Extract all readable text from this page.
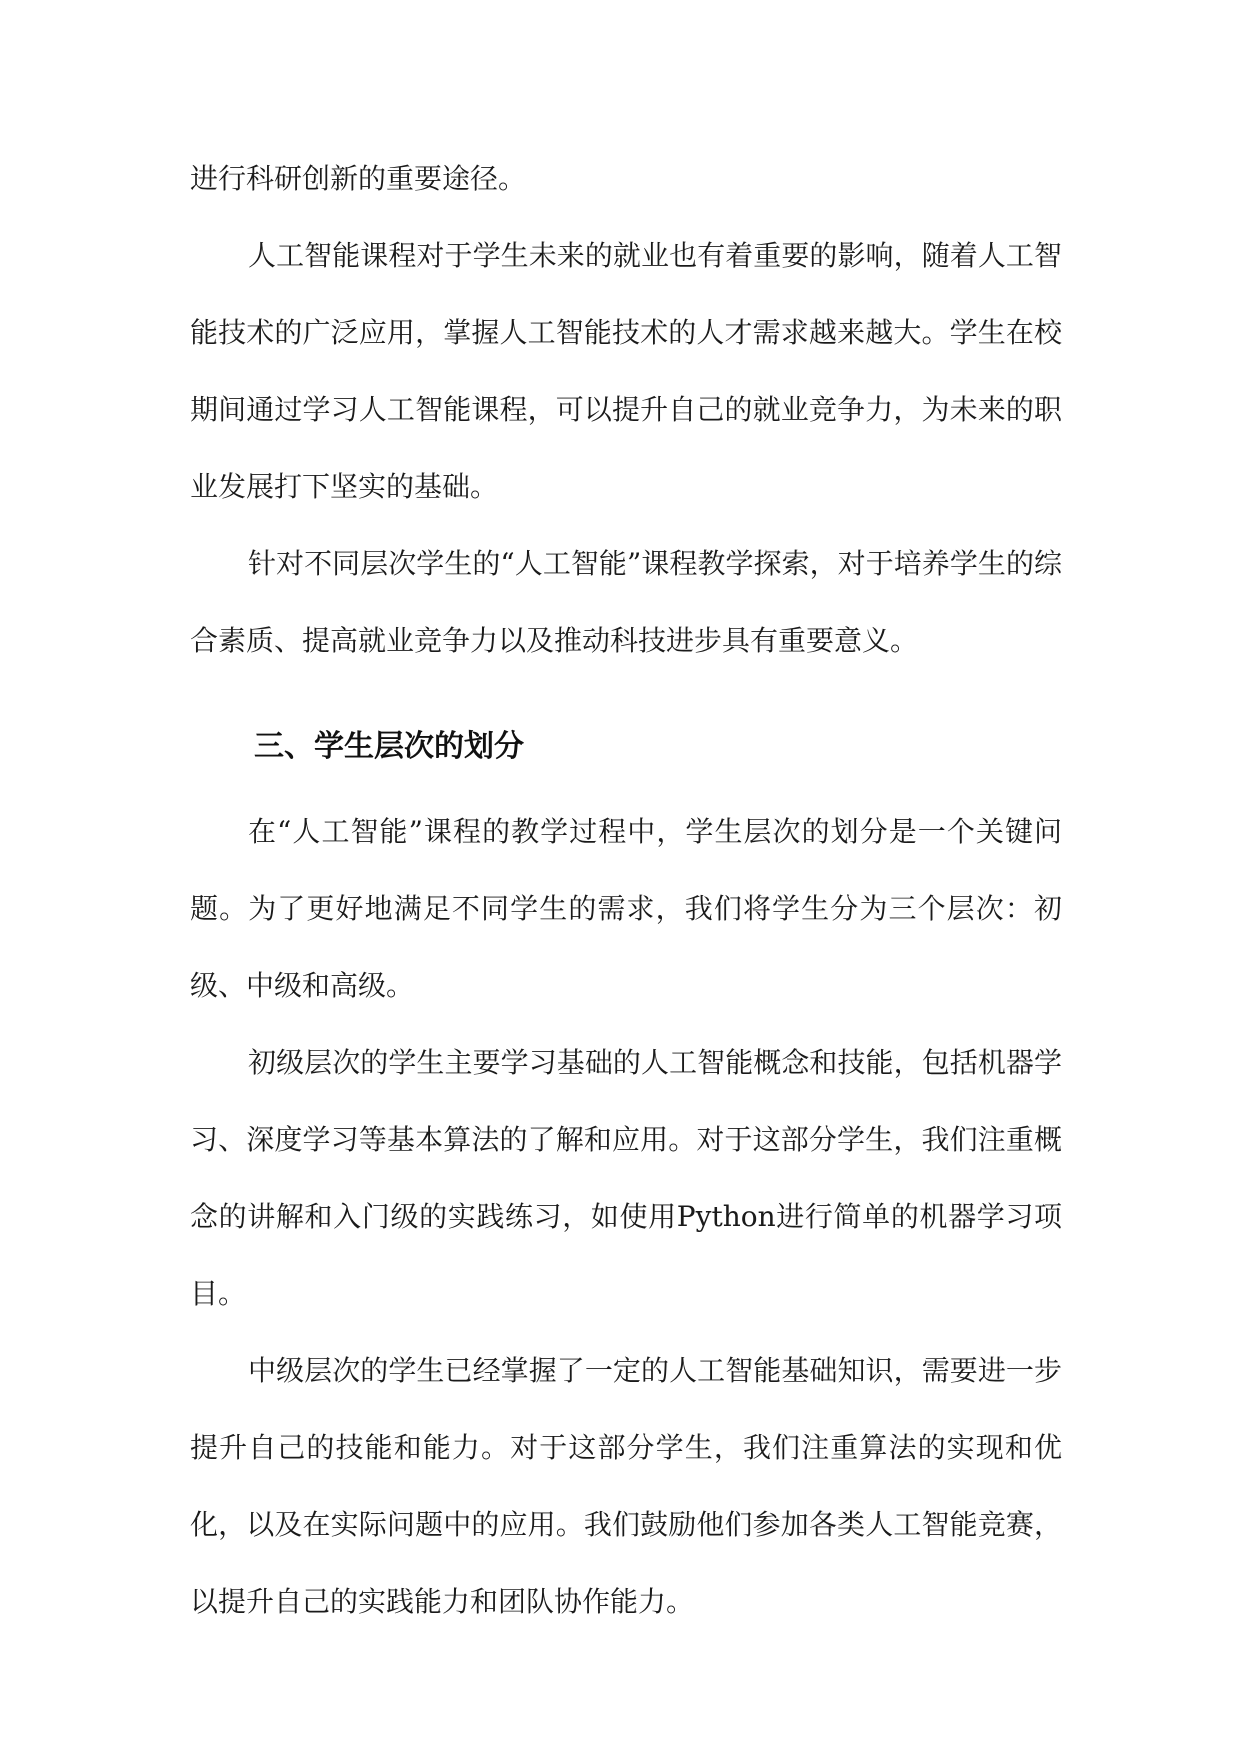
进行科研创新的重要途径。

人工智能课程对于学生未来的就业也有着重要的影响，随着人工智能技术的广泛应用，掌握人工智能技术的人才需求越来越大。学生在校期间通过学习人工智能课程，可以提升自己的就业竞争力，为未来的职业发展打下坚实的基础。

针对不同层次学生的“人工智能”课程教学探索，对于培养学生的综合素质、提高就业竞争力以及推动科技进步具有重要意义。

三、学生层次的划分

在“人工智能”课程的教学过程中，学生层次的划分是一个关键问题。为了更好地满足不同学生的需求，我们将学生分为三个层次：初级、中级和高级。

初级层次的学生主要学习基础的人工智能概念和技能，包括机器学习、深度学习等基本算法的了解和应用。对于这部分学生，我们注重概念的讲解和入门级的实践练习，如使用Python进行简单的机器学习项目。

中级层次的学生已经掌握了一定的人工智能基础知识，需要进一步提升自己的技能和能力。对于这部分学生，我们注重算法的实现和优化，以及在实际问题中的应用。我们鼓励他们参加各类人工智能竞赛，以提升自己的实践能力和团队协作能力。
